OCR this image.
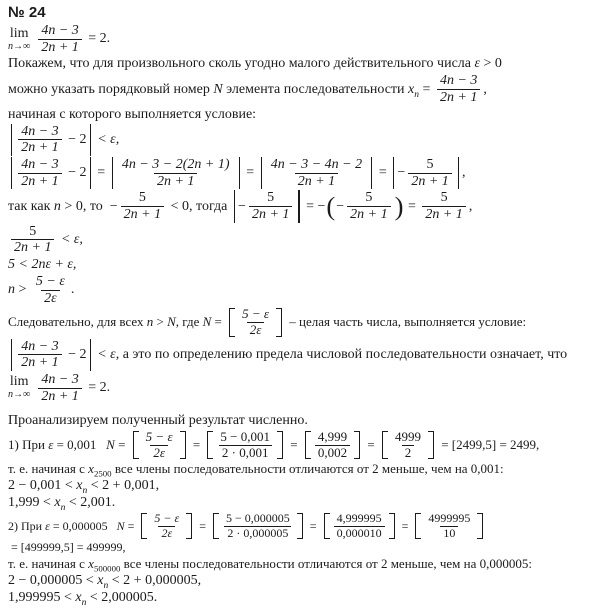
№ 24
lim
$n\to\infty \frac{4n - 3}{2n + 1} = 2$.
Покажем, что для произвольного сколь угодно малого действительного числа ε > 0
можно указать порядковый номер N элемента последовательности $x_n = \frac{4n - 3}{2n + 1}$ ,
начиная с которого выполняется условие:
$\frac{4n - 3}{2n + 1} - 2 < \varepsilon$,
$\frac{4n - 3}{2n + 1} - 2 = \frac{4n - 3 - 2(2n + 1)}{2n + 1} = \frac{4n - 3 - 4n - 2}{2n + 1}$ = − $\frac{5}{2n + 1}$ ,
так как n > 0, то − $\frac{5}{2n + 1} < 0$, тогда − $\frac{5}{2n + 1}$ = − ( − $\frac{5}{2n + 1}$ ) = $\frac{5}{2n + 1}$ ,
$\frac{5}{2n + 1} < \varepsilon$,
5 < 2nε + ε,
$n > \frac{5 - \varepsilon}{2\varepsilon}$ .
Следовательно, для всех n > N , где $N = \frac{5 - \varepsilon}{2\varepsilon}$ – целая часть числа, выполняется условие:
$\frac{4n - 3}{2n + 1} - 2 < \varepsilon$, а это по определению предела числовой последовательности означает, что
lim
$n\to\infty \frac{4n - 3}{2n + 1} = 2$.
Проанализируем полученный результат численно.
1) При ε = 0,001 $N = \frac{5 - \varepsilon}{2\varepsilon} = \frac{5 - 0,001}{2 \cdot 0,001} = \frac{4,999}{0,002} = \frac{4999}{2} = [2499,5] = 2499$,
т. е. начиная с $x_{2500}$ все члены последовательности отличаются от 2 меньше, чем на 0,001:
$2 - 0,001 < x_n < 2 + 0,001$,
$1,999 < x_n < 2,001$.
2) При ε = 0,000005 $N = \frac{5 - \varepsilon}{2\varepsilon} = \frac{5 - 0,000005}{2 \cdot 0,000005} = \frac{4,999995}{0,000010} = \frac{4999995}{10}$
= [499999,5] = 499999,
т. е. начиная с $x_{500000}$ все члены последовательности отличаются от 2 меньше, чем на 0,000005:
$2 - 0,000005 < x_n < 2 + 0,000005$,
$1,999995 < x_n < 2,000005$.
